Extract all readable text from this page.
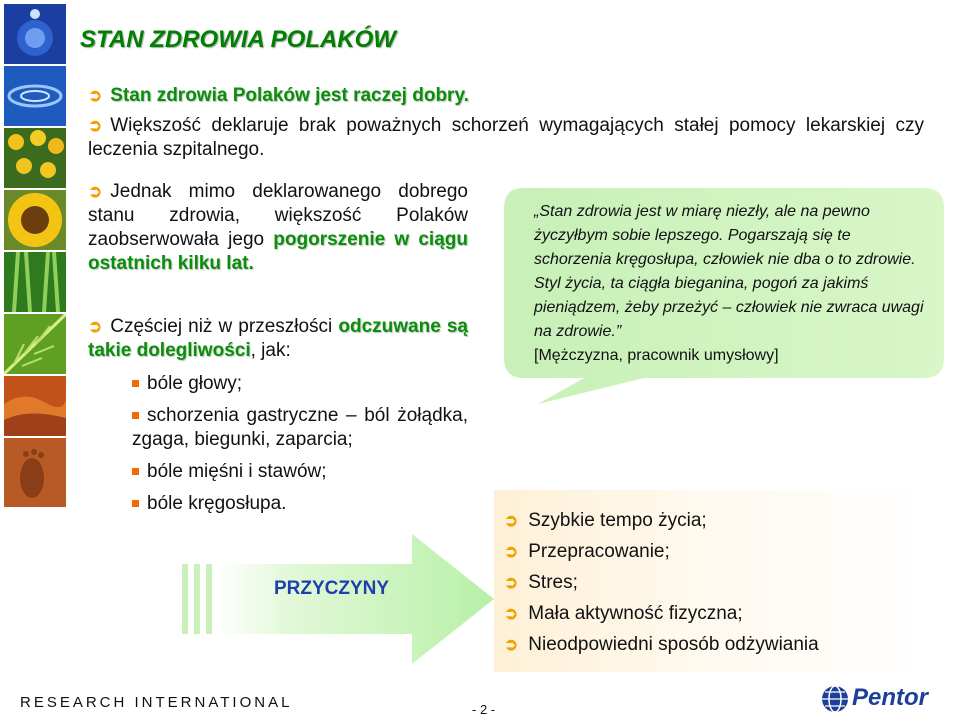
STAN ZDROWIA POLAKÓW
➲ Stan zdrowia Polaków jest raczej dobry.
➲ Większość deklaruje brak poważnych schorzeń wymagających stałej pomocy lekarskiej czy leczenia szpitalnego.
➲ Jednak mimo deklarowanego dobrego stanu zdrowia, większość Polaków zaobserwowała jego pogorszenie w ciągu ostatnich kilku lat.
➲ Częściej niż w przeszłości odczuwane są takie dolegliwości, jak:
bóle głowy;
schorzenia gastryczne – ból żołądka, zgaga, biegunki, zaparcia;
bóle mięśni i stawów;
bóle kręgosłupa.
„Stan zdrowia jest w miarę niezły, ale na pewno życzyłbym sobie lepszego. Pogarszają się te schorzenia kręgosłupa, człowiek nie dba o to zdrowie. Styl życia, ta ciągła bieganina, pogoń za jakimś pieniądzem, żeby przeżyć – człowiek nie zwraca uwagi na zdrowie.”
[Mężczyzna, pracownik umysłowy]
PRZYCZYNY
➲ Szybkie tempo życia;
➲ Przepracowanie;
➲ Stres;
➲ Mała aktywność fizyczna;
➲ Nieodpowiedni sposób odżywiania
RESEARCH INTERNATIONAL	- 2 -	Pentor
